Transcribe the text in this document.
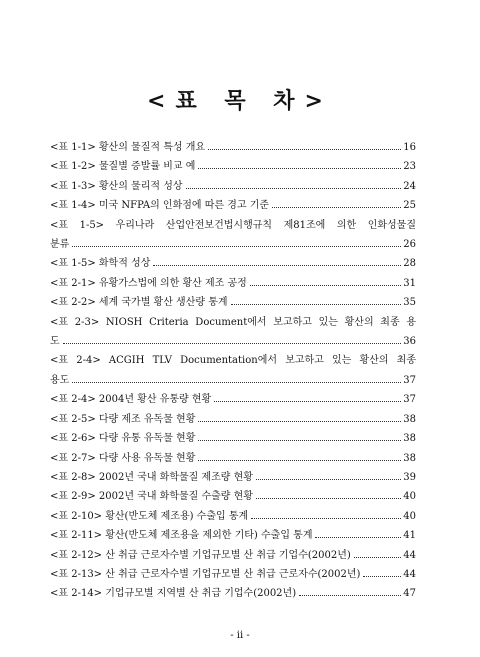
<표 목 차>
<표 1-1> 황산의 물질적 특성 개요	16
<표 1-2> 물질별 증발률 비교 예	23
<표 1-3> 황산의 물리적 성상	24
<표 1-4> 미국 NFPA의 인화점에 따른 경고 기준	25
<표 1-5> 우리나라 산업안전보건법시행규칙 제81조에 의한 인화성물질
분류	26
<표 1-5> 화학적 성상	28
<표 2-1> 유황가스법에 의한 황산 제조 공정	31
<표 2-2> 세계 국가별 황산 생산량 통계	35
<표 2-3> NIOSH Criteria Document에서 보고하고 있는 황산의 최종 용
도	36
<표 2-4> ACGIH TLV Documentation에서 보고하고 있는 황산의 최종
용도	37
<표 2-4> 2004년 황산 유통량 현황	37
<표 2-5> 다량 제조 유독물 현황	38
<표 2-6> 다량 유통 유독물 현황	38
<표 2-7> 다량 사용 유독물 현황	38
<표 2-8> 2002년 국내 화학물질 제조량 현황	39
<표 2-9> 2002년 국내 화학물질 수출량 현황	40
<표 2-10> 황산(반도체 제조용) 수출입 통계	40
<표 2-11> 황산(반도체 제조용을 제외한 기타) 수출입 통계	41
<표 2-12> 산 취급 근로자수별 기업규모별 산 취급 기업수(2002년)	44
<표 2-13> 산 취급 근로자수별 기업규모별 산 취급 근로자수(2002년)	44
<표 2-14> 기업규모별 지역별 산 취급 기업수(2002년)	47
- ii -
